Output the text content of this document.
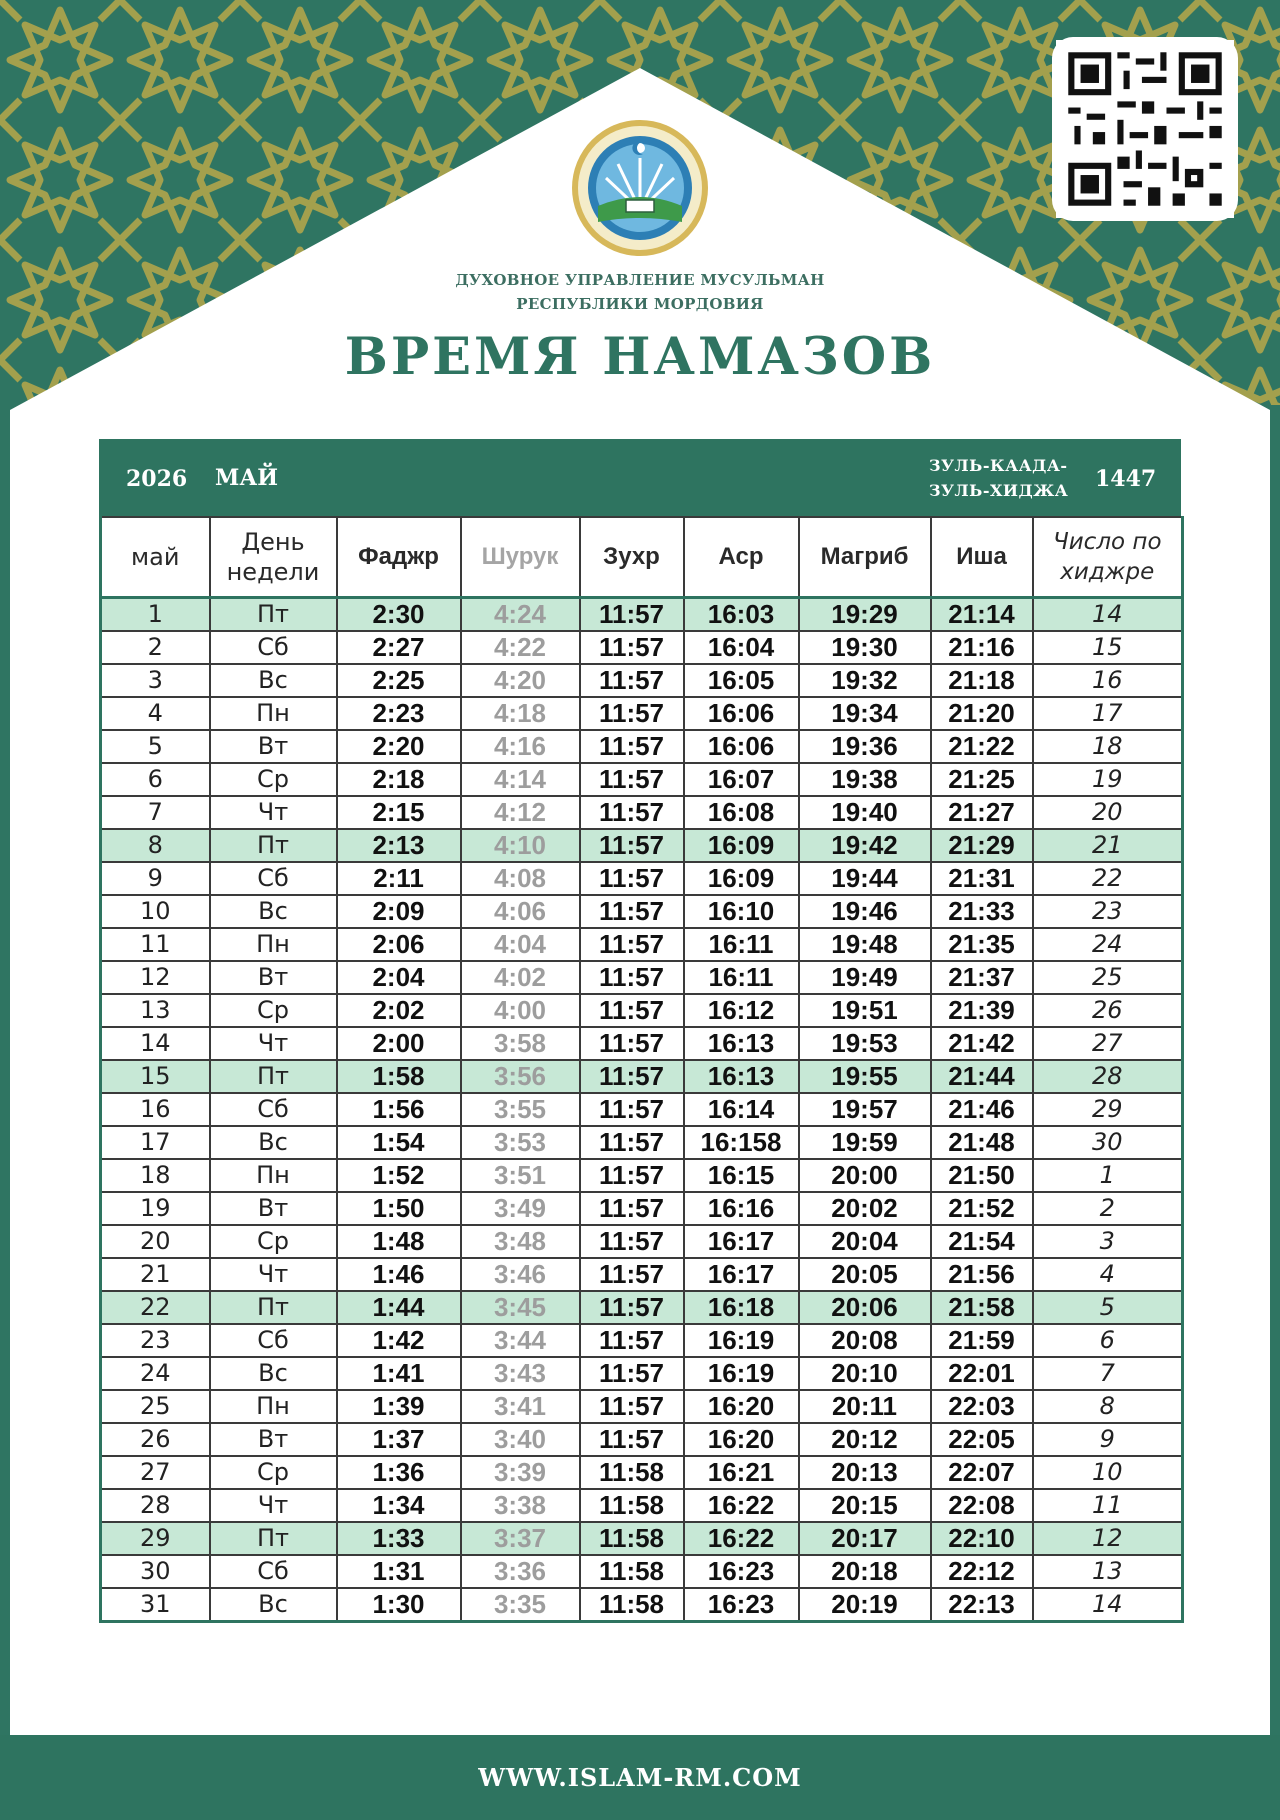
ДУХОВНОЕ УПРАВЛЕНИЕ МУСУЛЬМАН
РЕСПУБЛИКИ МОРДОВИЯ
ВРЕМЯ НАМАЗОВ
2026 МАЙ	ЗУЛЬ-КААДА-
ЗУЛЬ-ХИДЖА 1447
май	День недели	Фаджр	Шурук	Зухр	Аср	Магриб	Иша	Число по хиджре
1	Пт	2:30	4:24	11:57	16:03	19:29	21:14	14
2	Сб	2:27	4:22	11:57	16:04	19:30	21:16	15
3	Вс	2:25	4:20	11:57	16:05	19:32	21:18	16
4	Пн	2:23	4:18	11:57	16:06	19:34	21:20	17
5	Вт	2:20	4:16	11:57	16:06	19:36	21:22	18
6	Ср	2:18	4:14	11:57	16:07	19:38	21:25	19
7	Чт	2:15	4:12	11:57	16:08	19:40	21:27	20
8	Пт	2:13	4:10	11:57	16:09	19:42	21:29	21
9	Сб	2:11	4:08	11:57	16:09	19:44	21:31	22
10	Вс	2:09	4:06	11:57	16:10	19:46	21:33	23
11	Пн	2:06	4:04	11:57	16:11	19:48	21:35	24
12	Вт	2:04	4:02	11:57	16:11	19:49	21:37	25
13	Ср	2:02	4:00	11:57	16:12	19:51	21:39	26
14	Чт	2:00	3:58	11:57	16:13	19:53	21:42	27
15	Пт	1:58	3:56	11:57	16:13	19:55	21:44	28
16	Сб	1:56	3:55	11:57	16:14	19:57	21:46	29
17	Вс	1:54	3:53	11:57	16:158	19:59	21:48	30
18	Пн	1:52	3:51	11:57	16:15	20:00	21:50	1
19	Вт	1:50	3:49	11:57	16:16	20:02	21:52	2
20	Ср	1:48	3:48	11:57	16:17	20:04	21:54	3
21	Чт	1:46	3:46	11:57	16:17	20:05	21:56	4
22	Пт	1:44	3:45	11:57	16:18	20:06	21:58	5
23	Сб	1:42	3:44	11:57	16:19	20:08	21:59	6
24	Вс	1:41	3:43	11:57	16:19	20:10	22:01	7
25	Пн	1:39	3:41	11:57	16:20	20:11	22:03	8
26	Вт	1:37	3:40	11:57	16:20	20:12	22:05	9
27	Ср	1:36	3:39	11:58	16:21	20:13	22:07	10
28	Чт	1:34	3:38	11:58	16:22	20:15	22:08	11
29	Пт	1:33	3:37	11:58	16:22	20:17	22:10	12
30	Сб	1:31	3:36	11:58	16:23	20:18	22:12	13
31	Вс	1:30	3:35	11:58	16:23	20:19	22:13	14
WWW.ISLAM-RM.COM
